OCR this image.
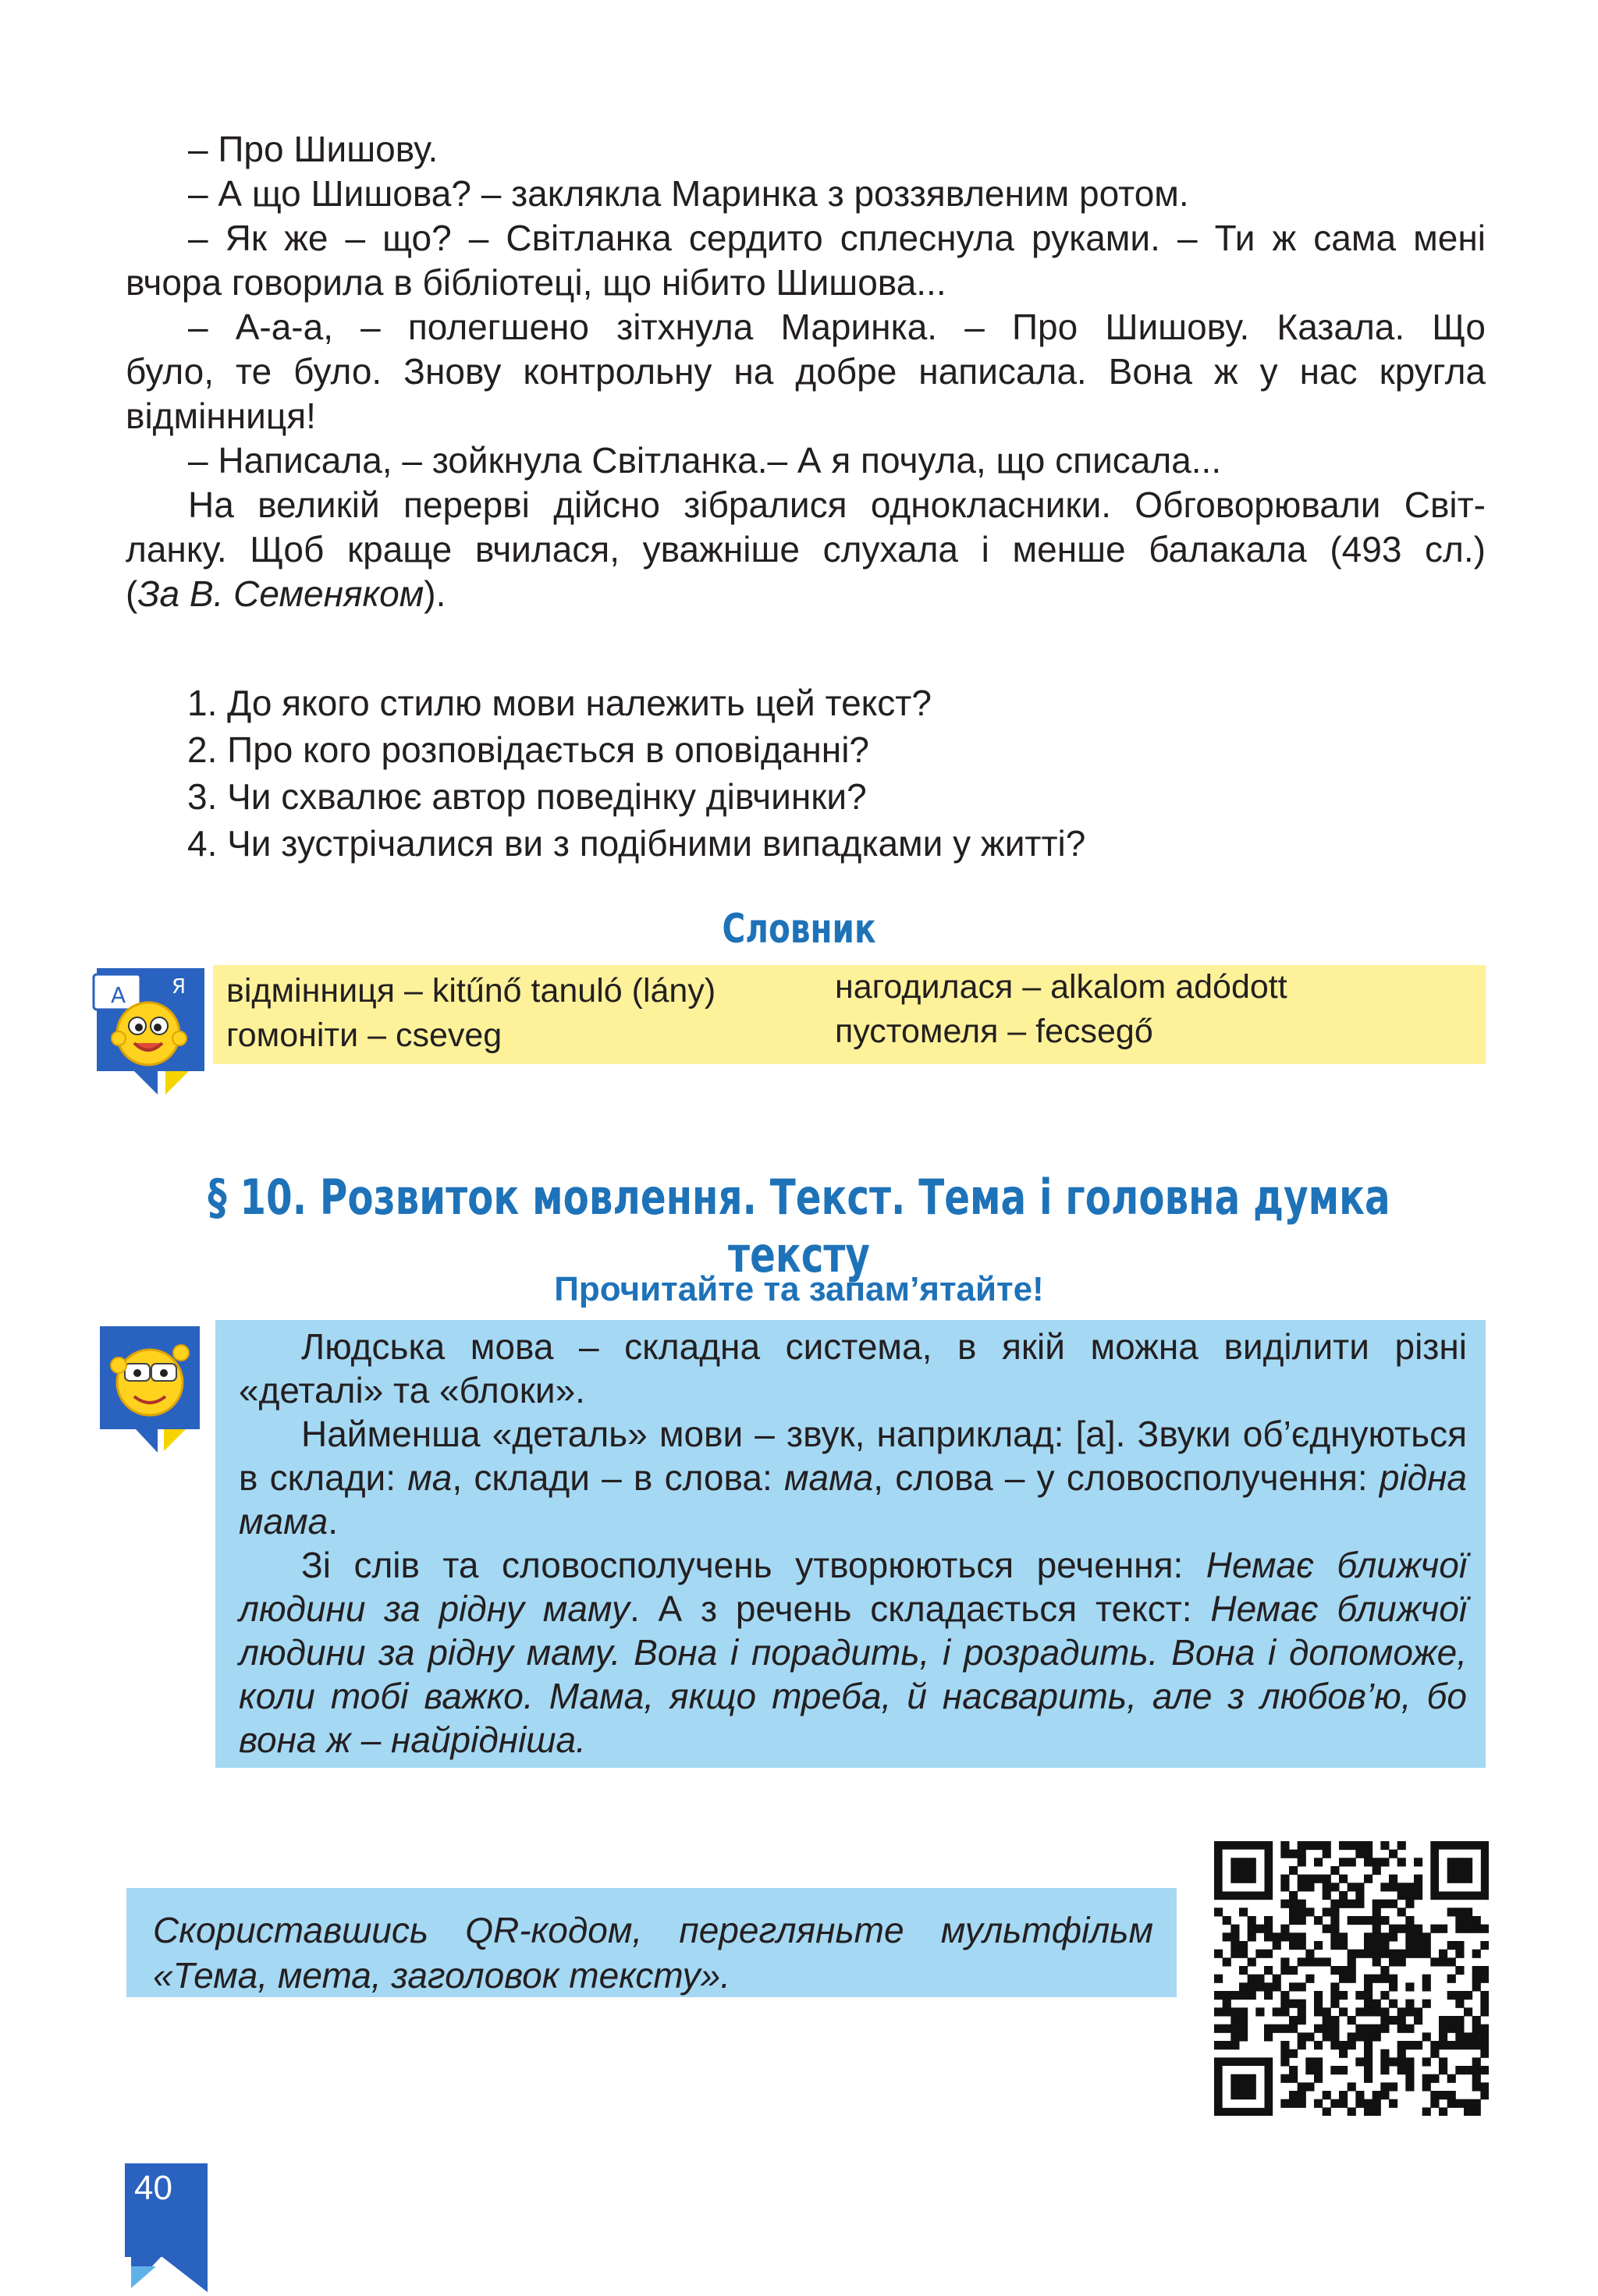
– Про Шишову.
– А що Шишова? – заклякла Маринка з роззявленим ротом.
– Як же – що? – Світланка сердито сплеснула руками. – Ти ж сама мені
вчора говорила в бібліотеці, що нібито Шишова...
– А-а-а, – полегшено зітхнула Маринка. – Про Шишову. Казала. Що
було, те було. Знову контрольну на добре написала. Вона ж у нас кругла
відмінниця!
– Написала, – зойкнула Світланка.– А я почула, що списала...
На великій перерві дійсно зібралися однокласники. Обговорювали Світ-
ланку. Щоб краще вчилася, уважніше слухала і менше балакала (493 сл.)
(За В. Семеняком).
1. До якого стилю мови належить цей текст?
2. Про кого розповідається в оповіданні?
3. Чи схвалює автор поведінку дівчинки?
4. Чи зустрічалися ви з подібними випадками у житті?
Словник
А Я відмінниця – kitűnő tanuló (lány)
гомоніти – cseveg
нагодилася – alkalom adódott
пустомеля – fecsegő
§ 10. Розвиток мовлення. Текст. Тема і головна думка тексту
Прочитайте та запам’ятайте!
Людська мова – складна система, в якій можна виділити різні «деталі» та «блоки».
Найменша «деталь» мови – звук, наприклад: [а]. Звуки об’єднуються в склади: ма, склади – в слова: мама, слова – у словосполучення: рідна мама.
Зі слів та словосполучень утворюються речення: Немає ближчої людини за рідну маму. А з речень складається текст: Немає ближчої людини за рідну маму. Вона і порадить, і розрадить. Вона і допоможе, коли тобі важко. Мама, якщо треба, й насварить, але з любов’ю, бо вона ж – найрідніша.
Скориставшись QR-кодом, перегляньте мультфільм «Тема, мета, заголовок тексту».
40
